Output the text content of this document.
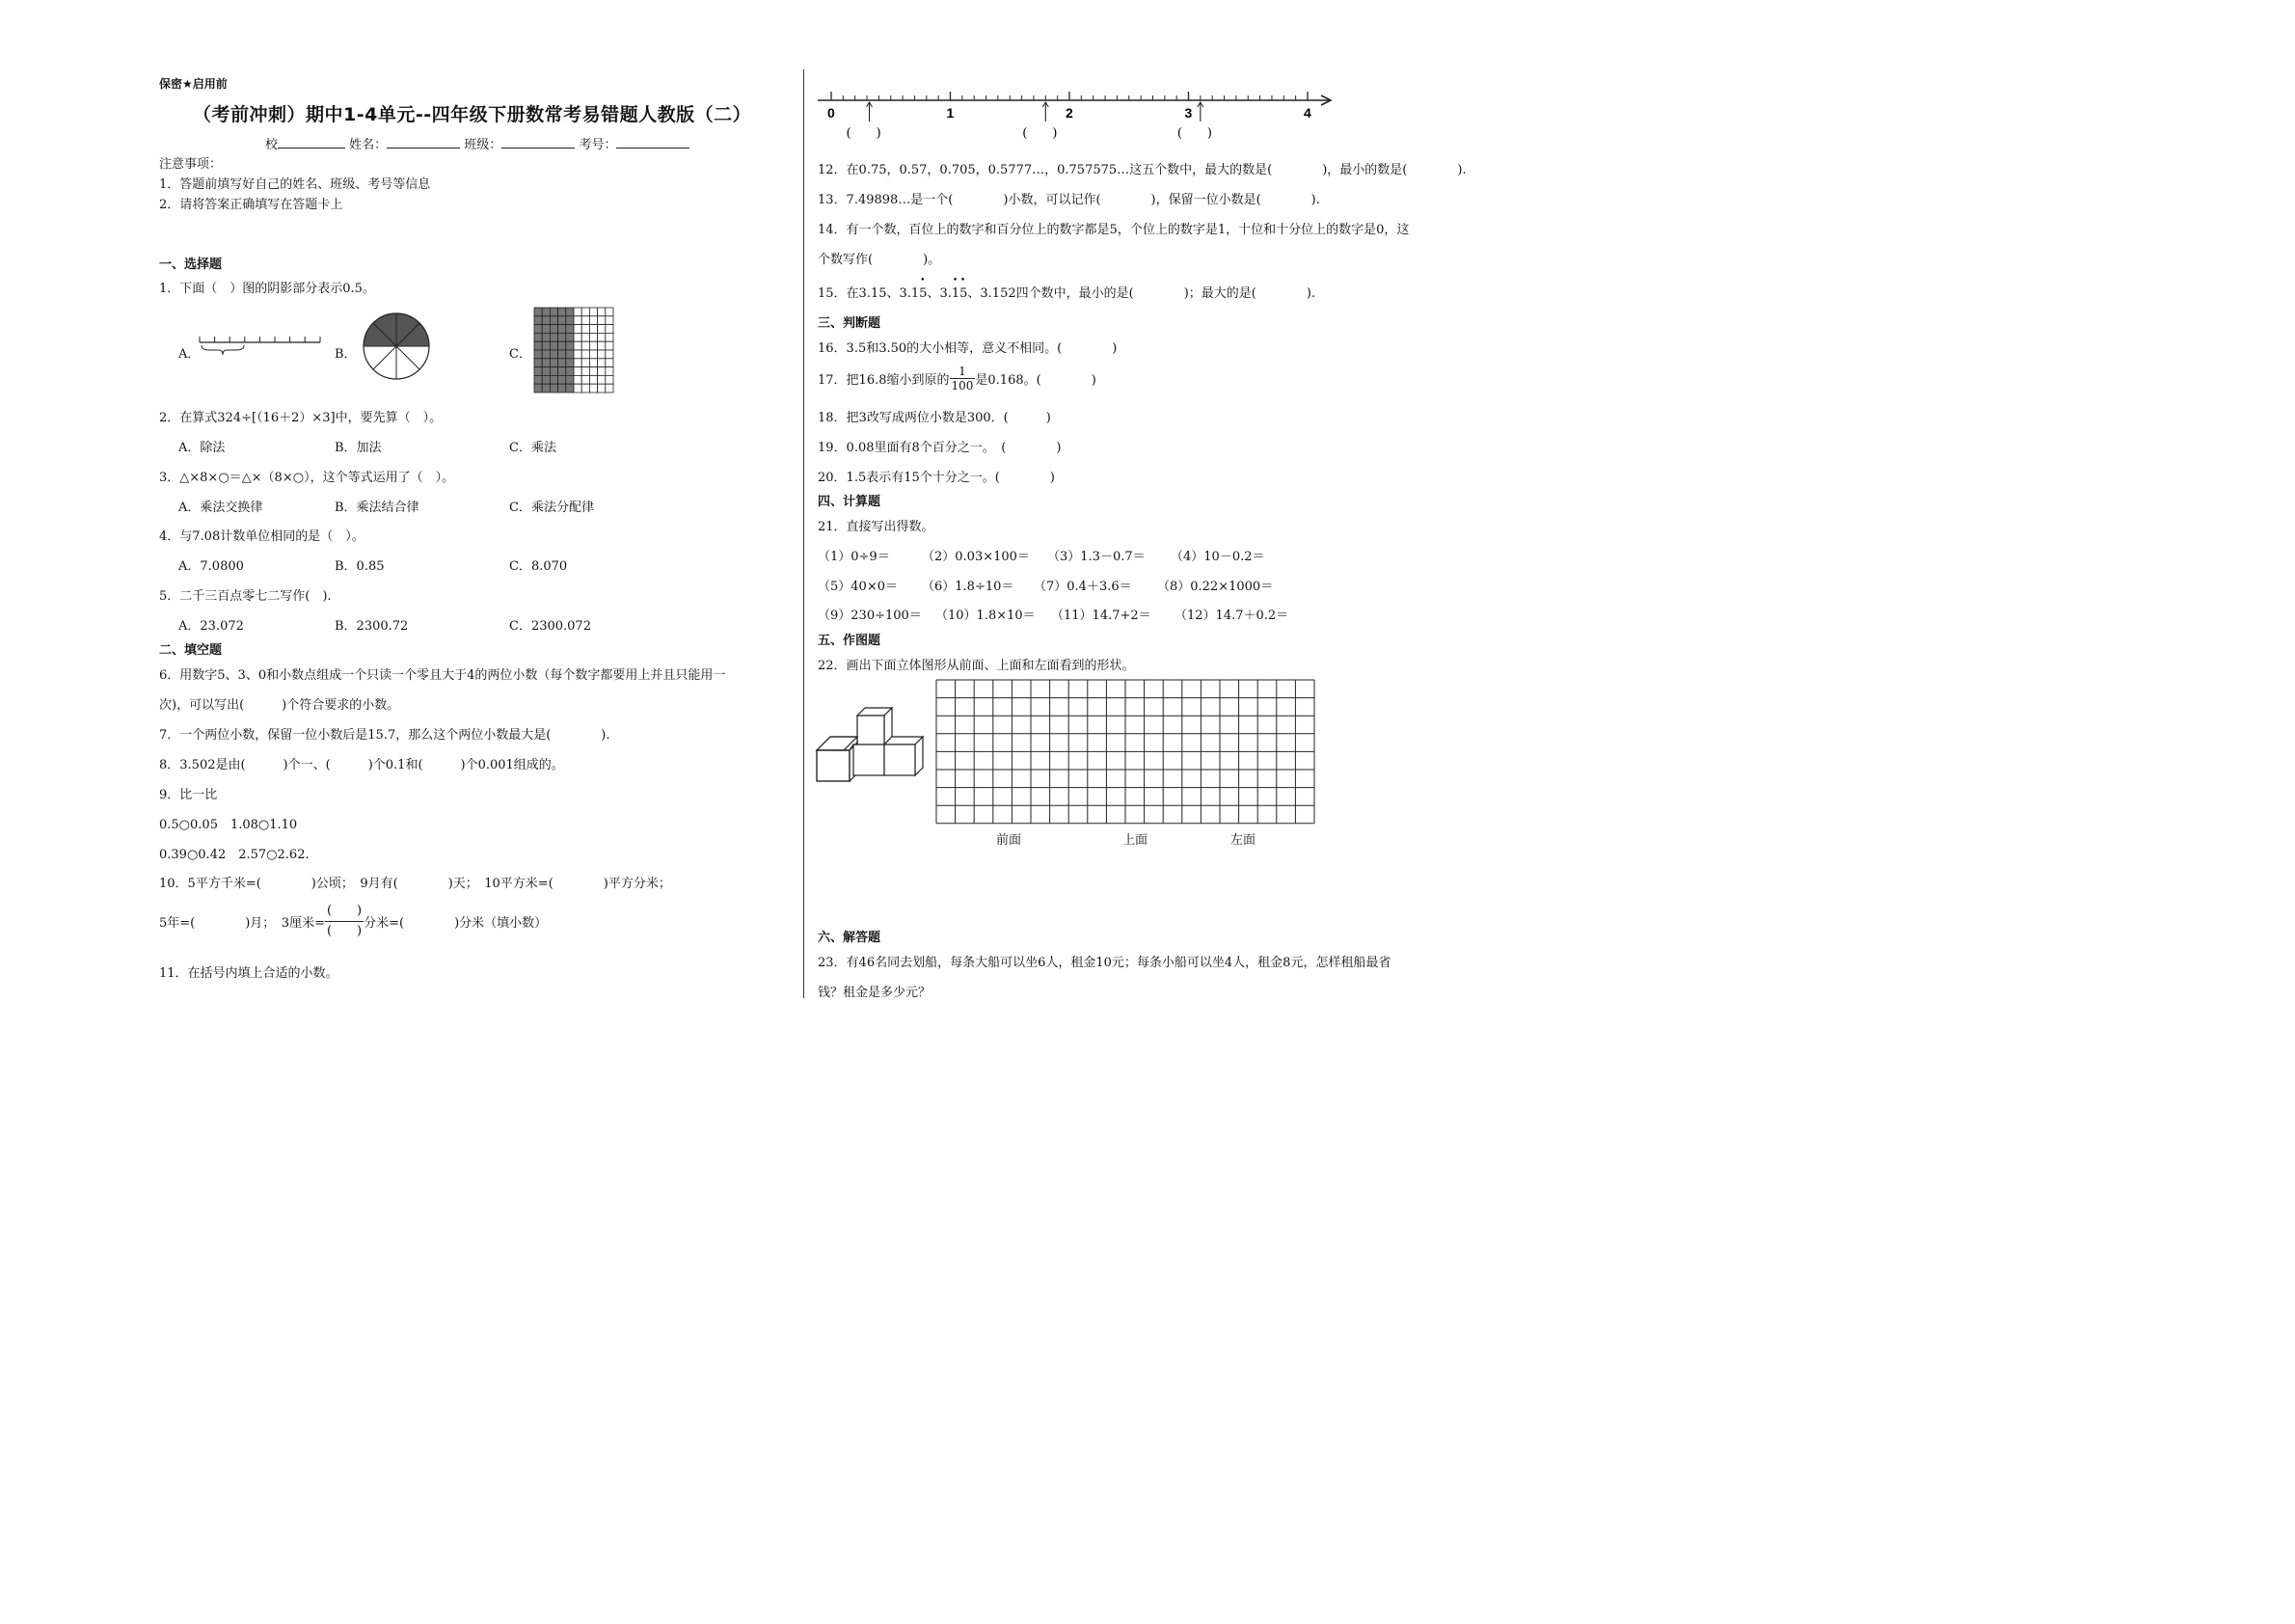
保密★启用前
（考前冲刺）期中1-4单元--四年级下册数常考易错题人教版（二）
校	姓名：	班级：	考号：
注意事项：
1．答题前填写好自己的姓名、班级、考号等信息
2．请将答案正确填写在答题卡上
一、选择题
1．下面（　）图的阴影部分表示0.5。
A．	B．	C．
2．在算式324÷[（16＋2）×3]中，要先算（　）。
A．除法	B．加法	C．乘法
3．△×8×○＝△×（8×○），这个等式运用了（　）。
A．乘法交换律	B．乘法结合律	C．乘法分配律
4．与7.08计数单位相同的是（　）。
A．7.0800	B．0.85	C．8.070
5．二千三百点零七二写作(　).
A．23.072	B．2300.72	C．2300.072
二、填空题
6．用数字5、3、0和小数点组成一个只读一个零且大于4的两位小数（每个数字都要用上并且只能用一
次)，可以写出(　　　)个符合要求的小数。
7．一个两位小数，保留一位小数后是15.7，那么这个两位小数最大是(　　　　).
8．3.502是由(　　　)个一、(　　　)个0.1和(　　　)个0.001组成的。
9．比一比
0.5○0.05　1.08○1.10
0.39○0.42　2.57○2.62.
10．5平方千米=(　　　　)公顷；　9月有(　　　　)天；　10平方米=(　　　　)平方分米；
5年=(　　　　)月；　3厘米= $\frac{( )}{( )}$ 分米=(　　　　)分米（填小数）
11．在括号内填上合适的小数。
0	1	2	3	4
(　　)	(　　)	(　　)
12．在0.75，0.57，0.705，0.5777…，0.757575…这五个数中，最大的数是(　　　　)，最小的数是(　　　　).
13．7.49898…是一个(　　　　)小数，可以记作(　　　　)，保留一位小数是(　　　　).
14．有一个数，百位上的数字和百分位上的数字都是5，个位上的数字是1，十位和十分位上的数字是0，这
个数写作(　　　　)。
15．在3.15、3.1
•
5、3.
• •
15、3.152四个数中，最小的是(　　　　)；最大的是(　　　　).
三、判断题
16．3.5和3.50的大小相等，意义不相同。(　　　　)
17．把16.8缩小到原的 $\frac{1}{100}$ 是0.168。(　　　　)
18．把3改写成两位小数是300．(　　　)
19．0.08里面有8个百分之一。　(　　　　)
20．1.5表示有15个十分之一。(　　　　)
四、计算题
21．直接写出得数。
（1）0÷9＝	（2）0.03×100＝ （3）1.3－0.7＝ （4）10－0.2＝
（5）40×0＝ （6）1.8÷10＝ （7）0.4＋3.6＝ （8）0.22×1000＝
（9）230÷100＝ （10）1.8×10＝ （11）14.7+2＝ （12）14.7＋0.2＝
五、作图题
22．画出下面立体图形从前面、上面和左面看到的形状。
前面	上面	左面
六、解答题
23．有46名同去划船，每条大船可以坐6人，租金10元；每条小船可以坐4人，租金8元，怎样租船最省
钱？租金是多少元？
